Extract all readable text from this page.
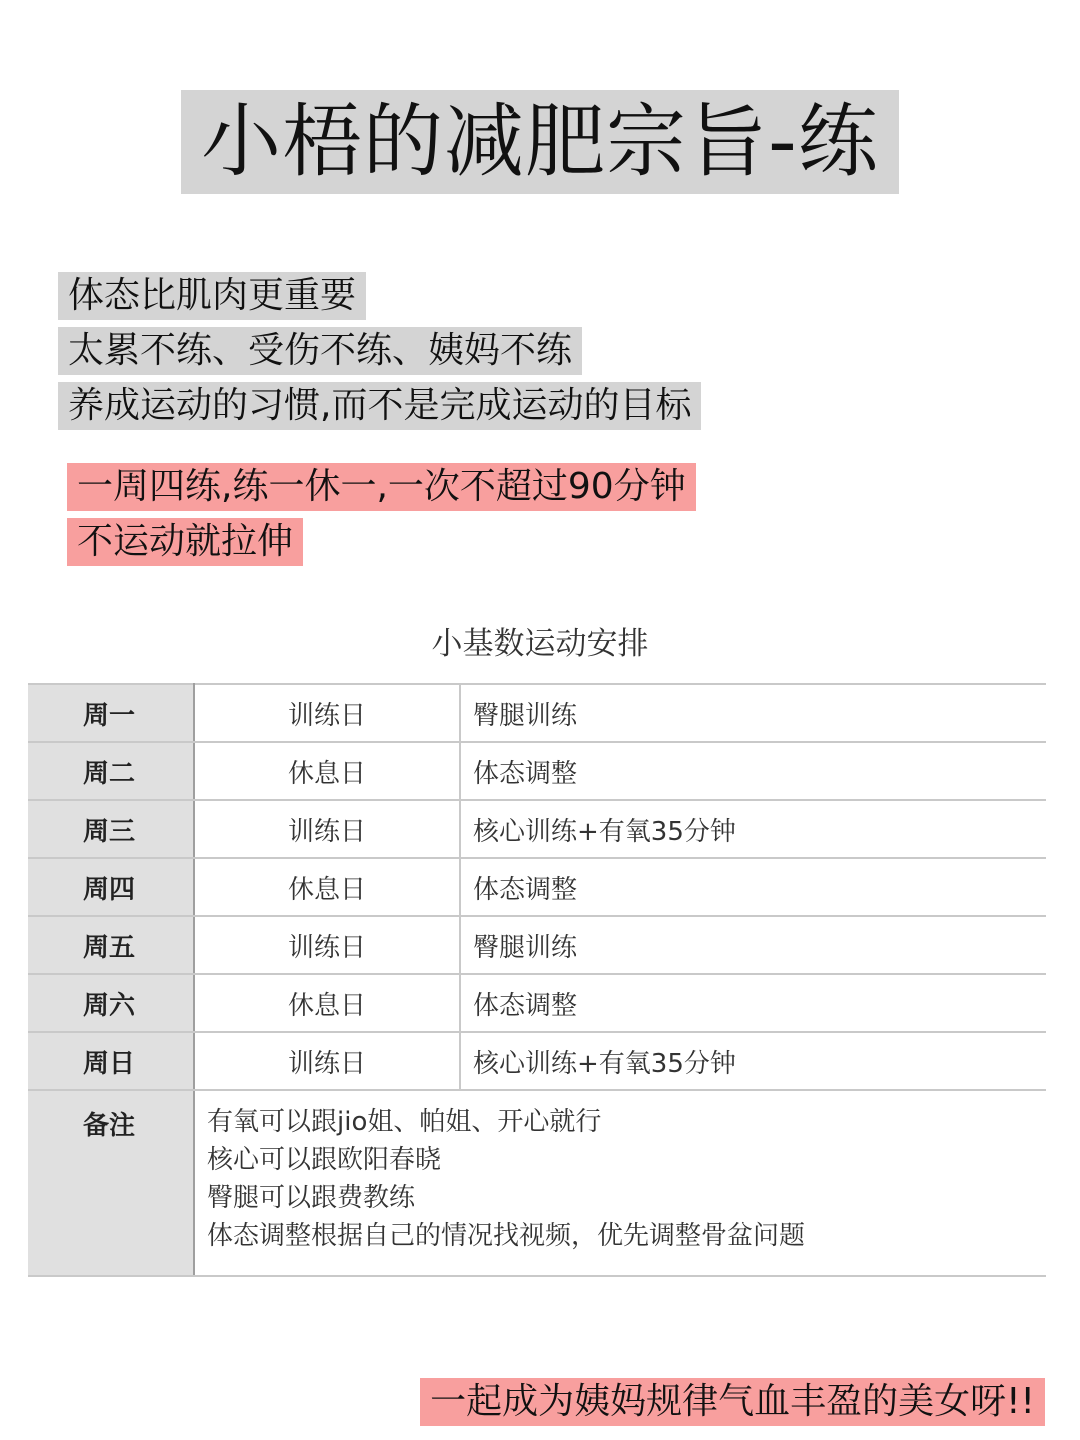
小梧的减肥宗旨-练
体态比肌肉更重要
太累不练、受伤不练、姨妈不练
养成运动的习惯,而不是完成运动的目标
一周四练,练一休一,一次不超过90分钟
不运动就拉伸
小基数运动安排
周一	训练日	臀腿训练
周二	休息日	体态调整
周三	训练日	核心训练+有氧35分钟
周四	休息日	体态调整
周五	训练日	臀腿训练
周六	休息日	体态调整
周日	训练日	核心训练+有氧35分钟
备注	有氧可以跟jio姐、帕姐、开心就行
核心可以跟欧阳春晓
臀腿可以跟费教练
体态调整根据自己的情况找视频，优先调整骨盆问题	
一起成为姨妈规律气血丰盈的美女呀!!
